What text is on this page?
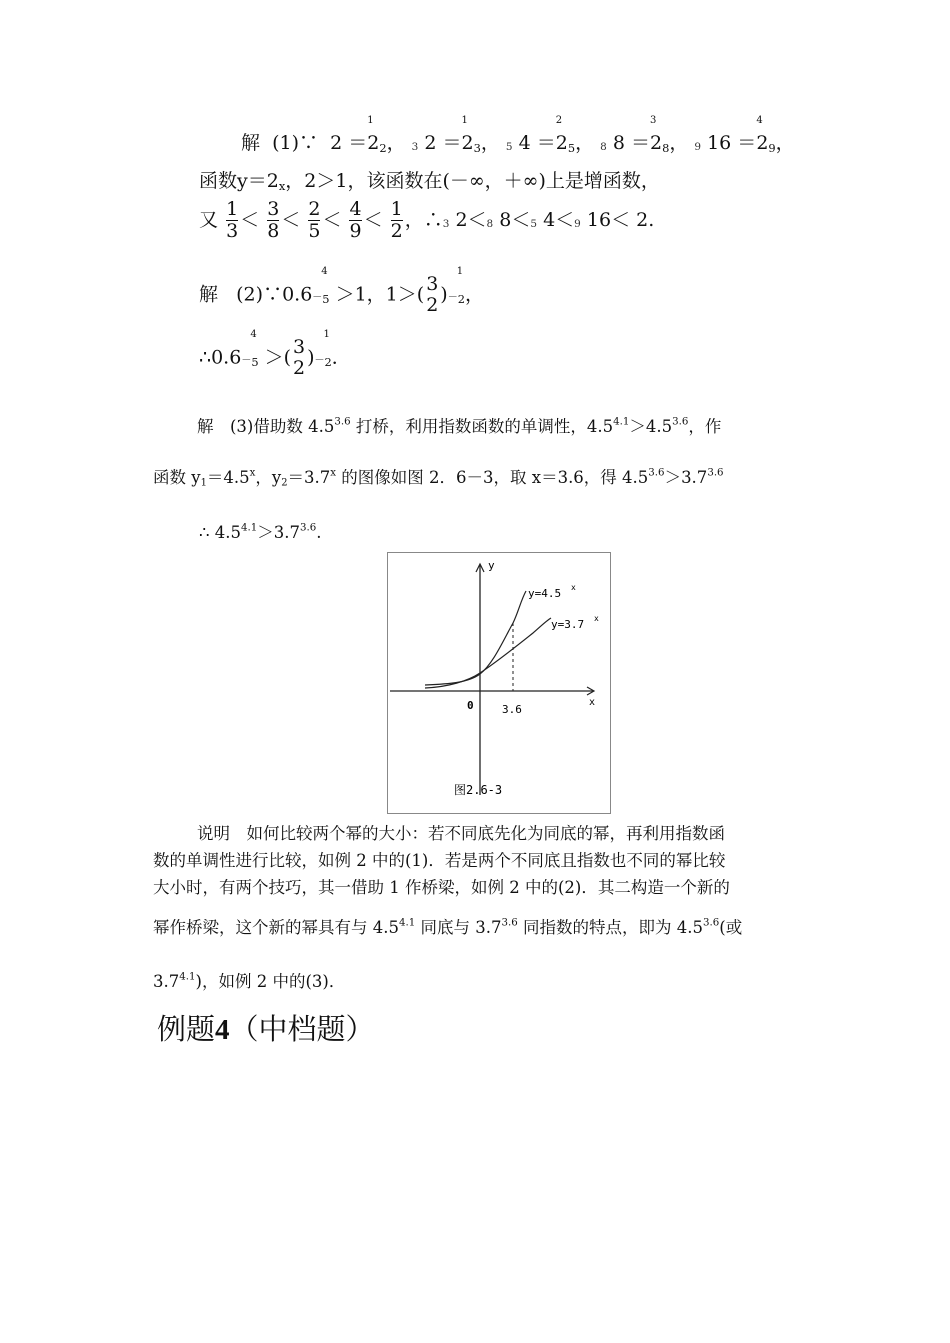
解 (1)∵ 2 ＝2
1
$_2$， 3 2 ＝2
1
$_3$， 5 4 ＝2
2
$_5$， 8 8 ＝2
3
$_8$， 9 16 ＝2
4
$_9$，
函数$y=2_x$，2＞1，该函数在(－∞，＋∞)上是增函数，
又 $\frac{1}{3} < \frac{3}{8} < \frac{2}{5} < \frac{4}{9} < \frac{1}{2}$ ，∴3 2＜8 8＜5 4＜9 16＜ 2.
解 (2)∵0.6－
4
$_5$ ＞1，1＞( 3
2 )－
1
$_2$，
∴0.6－
4
$_5$ ＞( 3
2 )－
1
$_2$．
解　(3)借助数 $4.5^{3.6}$ 打桥，利用指数函数的单调性，$4.5^{4.1}>4.5^{3.6}$，作
函数 $y_1=4.5^x$，$y_2=3.7^x$ 的图像如图 2．6－3，取 x＝3.6，得 $4.5^{3.6}>3.7^{3.6}$
∴ $4.5^{4.1}>3.7^{3.6}$.
y
x
0	3.6
y=4.5 x
y=3.7 x
图2.6-3
说明　如何比较两个幂的大小：若不同底先化为同底的幂，再利用指数函
数的单调性进行比较，如例 2 中的(1)．若是两个不同底且指数也不同的幂比较
大小时，有两个技巧，其一借助 1 作桥梁，如例 2 中的(2)．其二构造一个新的
幂作桥梁，这个新的幂具有与 $4.5^{4.1}$ 同底与 $3.7^{3.6}$ 同指数的特点，即为 $4.5^{3.6}$(或
$3.7^{4.1}$)，如例 2 中的(3)．
例题4（中档题）
